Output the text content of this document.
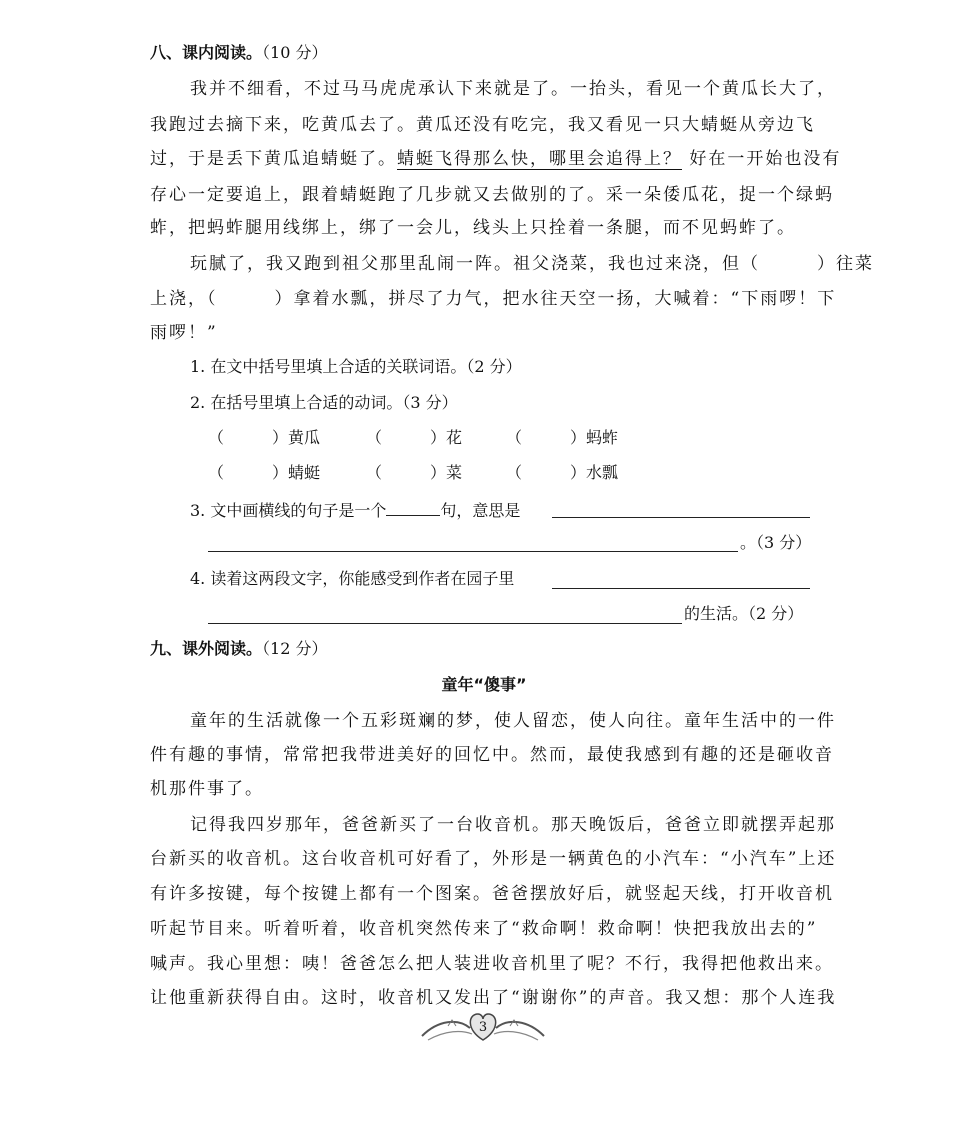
八、课内阅读。（10 分）
我并不细看，不过马马虎虎承认下来就是了。一抬头，看见一个黄瓜长大了，
我跑过去摘下来，吃黄瓜去了。黄瓜还没有吃完，我又看见一只大蜻蜓从旁边飞
过，于是丢下黄瓜追蜻蜓了。蜻蜓飞得那么快，哪里会追得上？ 好在一开始也没有
存心一定要追上，跟着蜻蜓跑了几步就又去做别的了。采一朵倭瓜花，捉一个绿蚂
蚱，把蚂蚱腿用线绑上，绑了一会儿，线头上只拴着一条腿，而不见蚂蚱了。
玩腻了，我又跑到祖父那里乱闹一阵。祖父浇菜，我也过来浇，但（　　　）往菜
上浇，（　　　）拿着水瓢，拼尽了力气，把水往天空一扬，大喊着：“下雨啰！下
雨啰！”
1. 在文中括号里填上合适的关联词语。（2 分）
2. 在括号里填上合适的动词。（3 分）
（　　　）黄瓜	（　　　）花	（　　　）蚂蚱
（　　　）蜻蜓	（　　　）菜	（　　　）水瓢
3. 文中画横线的句子是一个	句，意思是
。（3 分）
4. 读着这两段文字，你能感受到作者在园子里
的生活。（2 分）
九、课外阅读。（12 分）
童年“傻事”
童年的生活就像一个五彩斑斓的梦，使人留恋，使人向往。童年生活中的一件
件有趣的事情，常常把我带进美好的回忆中。然而，最使我感到有趣的还是砸收音
机那件事了。
记得我四岁那年，爸爸新买了一台收音机。那天晚饭后，爸爸立即就摆弄起那
台新买的收音机。这台收音机可好看了，外形是一辆黄色的小汽车：“小汽车”上还
有许多按键，每个按键上都有一个图案。爸爸摆放好后，就竖起天线，打开收音机
听起节目来。听着听着，收音机突然传来了“救命啊！救命啊！快把我放出去的”
喊声。我心里想：咦！爸爸怎么把人装进收音机里了呢？不行，我得把他救出来。
让他重新获得自由。这时，收音机又发出了“谢谢你”的声音。我又想：那个人连我
3
